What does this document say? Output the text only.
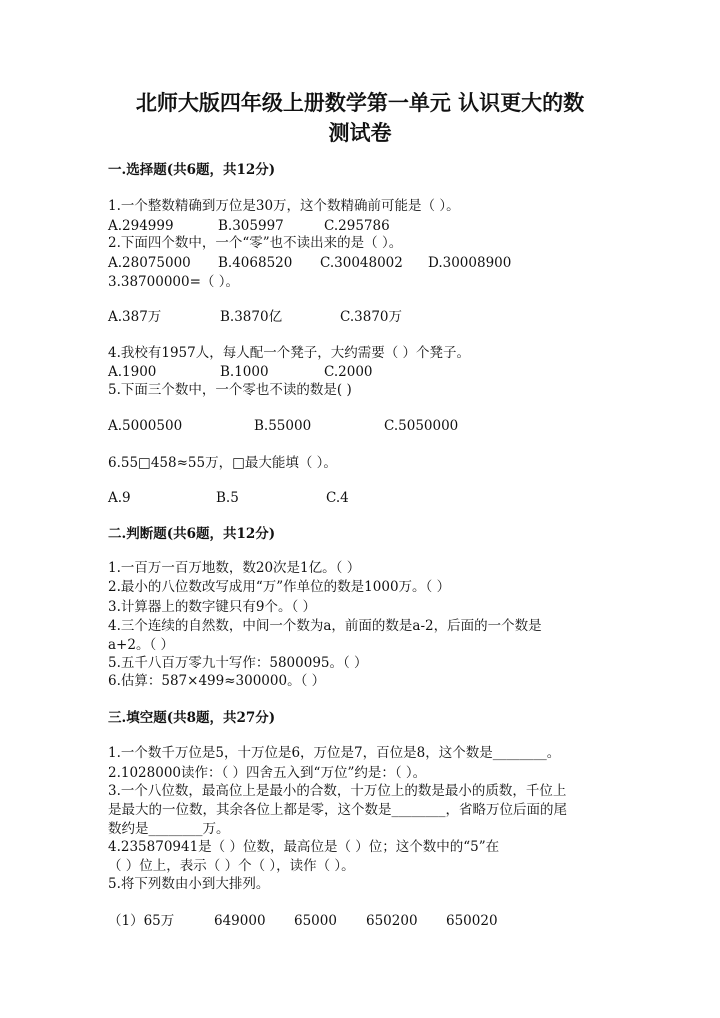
北师大版四年级上册数学第一单元 认识更大的数
测试卷
一.选择题(共6题，共12分)
1.一个整数精确到万位是30万，这个数精确前可能是（ ）。
A.294999	B.305997	C.295786
2.下面四个数中，一个“零”也不读出来的是（ ）。
A.28075000 B.4068520 C.30048002 D.30008900
3.38700000=（ ）。
A.387万	B.3870亿	C.3870万
4.我校有1957人，每人配一个凳子，大约需要（ ）个凳子。
A.1900	B.1000	C.2000
5.下面三个数中，一个零也不读的数是( )
A.5000500	B.55000	C.5050000
6.55□458≈55万，□最大能填（ ）。
A.9	B.5	C.4
二.判断题(共6题，共12分)
1.一百万一百万地数，数20次是1亿。（ ）
2.最小的八位数改写成用“万”作单位的数是1000万。（ ）
3.计算器上的数字键只有9个。（ ）
4.三个连续的自然数，中间一个数为a，前面的数是a-2，后面的一个数是
a+2。（ ）
5.五千八百万零九十写作：5800095。（ ）
6.估算：587×499≈300000。（ ）
三.填空题(共8题，共27分)
1.一个数千万位是5，十万位是6，万位是7，百位是8，这个数是________。
2.1028000读作：（ ）四舍五入到“万位”约是：（ ）。
3.一个八位数，最高位上是最小的合数，十万位上的数是最小的质数，千位上
是最大的一位数，其余各位上都是零，这个数是________，省略万位后面的尾
数约是________万。
4.235870941是（ ）位数，最高位是（ ）位；这个数中的“5”在
（ ）位上，表示（ ）个（ ），读作（ ）。
5.将下列数由小到大排列。
（1）65万	649000 65000 650200 650020
